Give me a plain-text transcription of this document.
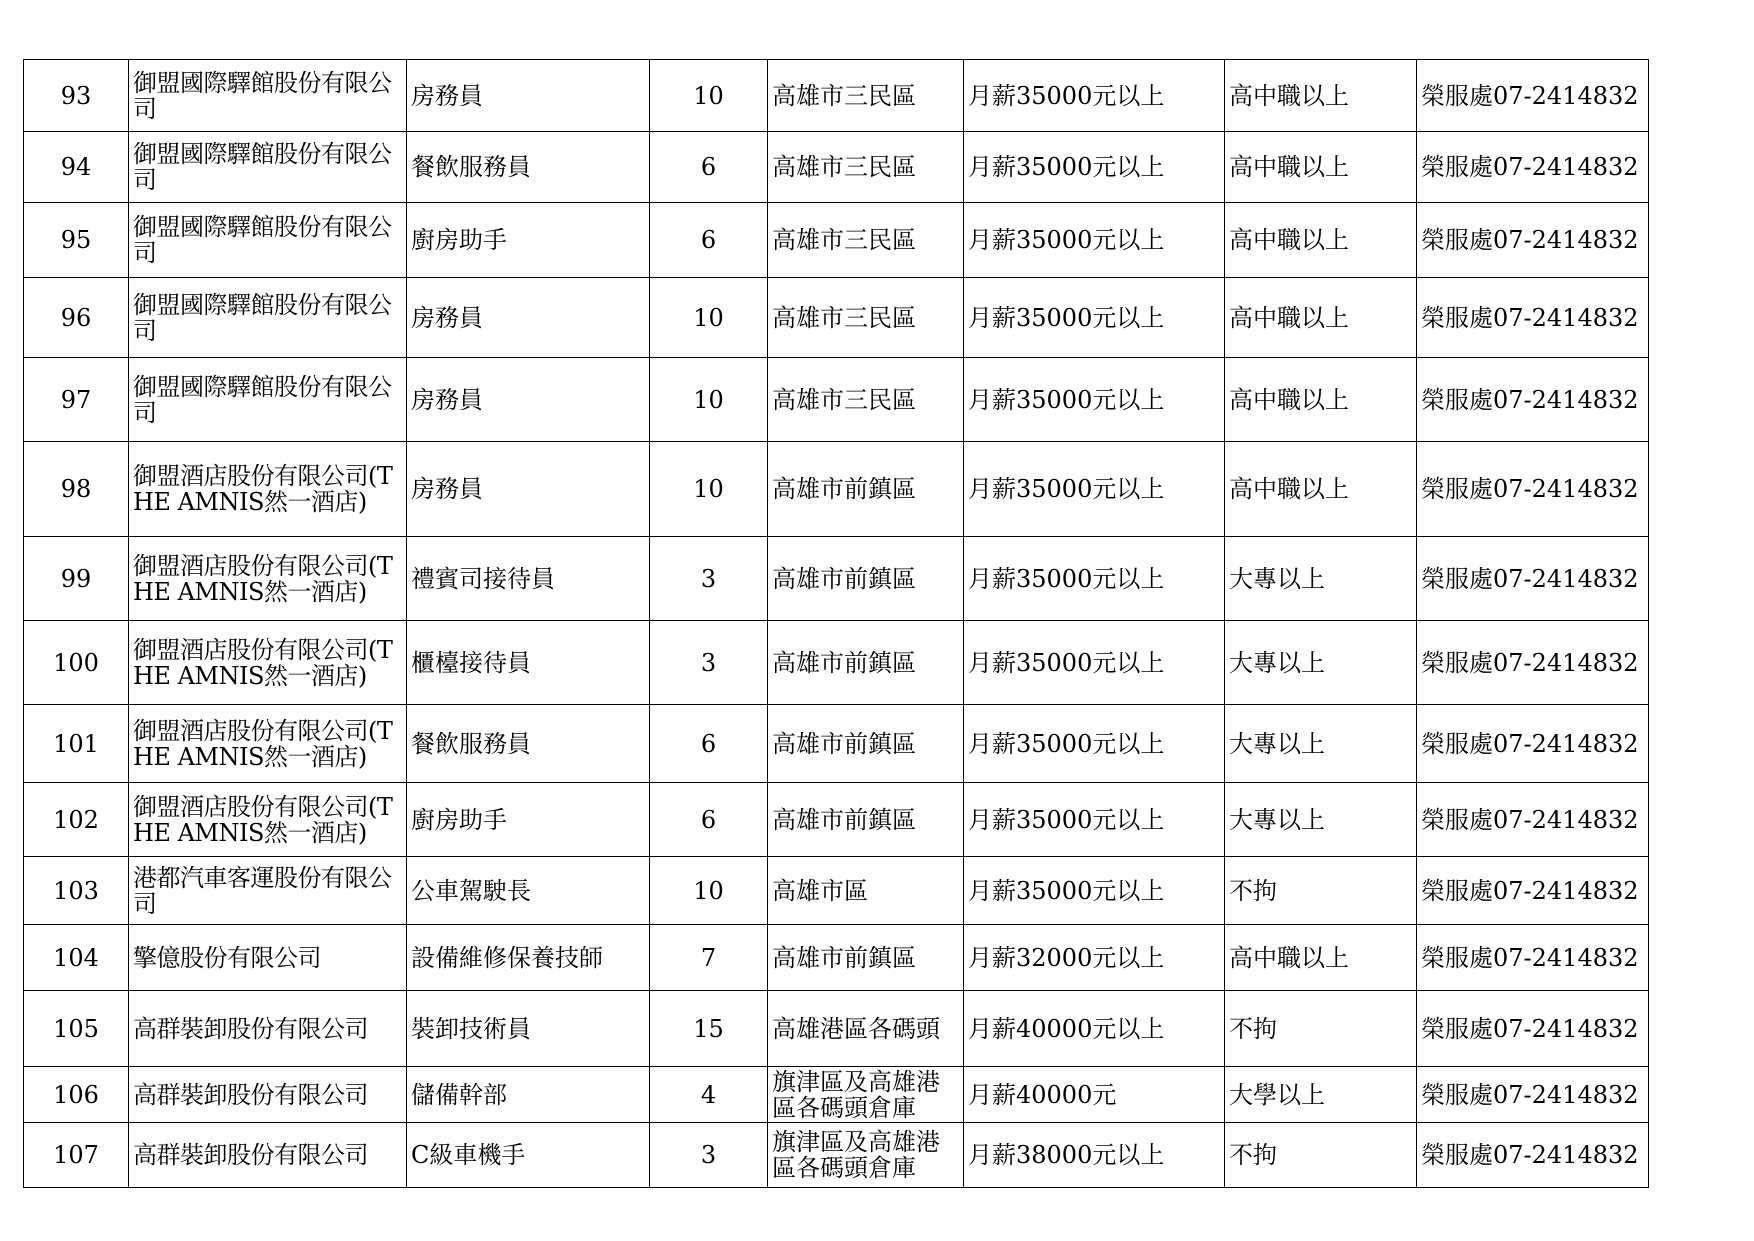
93	御盟國際驛館股份有限公司	房務員	10	高雄市三民區	月薪35000元以上	高中職以上	榮服處07-2414832
94	御盟國際驛館股份有限公司	餐飲服務員	6	高雄市三民區	月薪35000元以上	高中職以上	榮服處07-2414832
95	御盟國際驛館股份有限公司	廚房助手	6	高雄市三民區	月薪35000元以上	高中職以上	榮服處07-2414832
96	御盟國際驛館股份有限公司	房務員	10	高雄市三民區	月薪35000元以上	高中職以上	榮服處07-2414832
97	御盟國際驛館股份有限公司	房務員	10	高雄市三民區	月薪35000元以上	高中職以上	榮服處07-2414832
98	御盟酒店股份有限公司(THE AMNIS然一酒店)	房務員	10	高雄市前鎮區	月薪35000元以上	高中職以上	榮服處07-2414832
99	御盟酒店股份有限公司(THE AMNIS然一酒店)	禮賓司接待員	3	高雄市前鎮區	月薪35000元以上	大專以上	榮服處07-2414832
100	御盟酒店股份有限公司(THE AMNIS然一酒店)	櫃檯接待員	3	高雄市前鎮區	月薪35000元以上	大專以上	榮服處07-2414832
101	御盟酒店股份有限公司(THE AMNIS然一酒店)	餐飲服務員	6	高雄市前鎮區	月薪35000元以上	大專以上	榮服處07-2414832
102	御盟酒店股份有限公司(THE AMNIS然一酒店)	廚房助手	6	高雄市前鎮區	月薪35000元以上	大專以上	榮服處07-2414832
103	港都汽車客運股份有限公司	公車駕駛長	10	高雄市區	月薪35000元以上	不拘	榮服處07-2414832
104	擎億股份有限公司	設備維修保養技師	7	高雄市前鎮區	月薪32000元以上	高中職以上	榮服處07-2414832
105	高群裝卸股份有限公司	裝卸技術員	15	高雄港區各碼頭	月薪40000元以上	不拘	榮服處07-2414832
106	高群裝卸股份有限公司	儲備幹部	4	旗津區及高雄港區各碼頭倉庫	月薪40000元	大學以上	榮服處07-2414832
107	高群裝卸股份有限公司	C級車機手	3	旗津區及高雄港區各碼頭倉庫	月薪38000元以上	不拘	榮服處07-2414832
